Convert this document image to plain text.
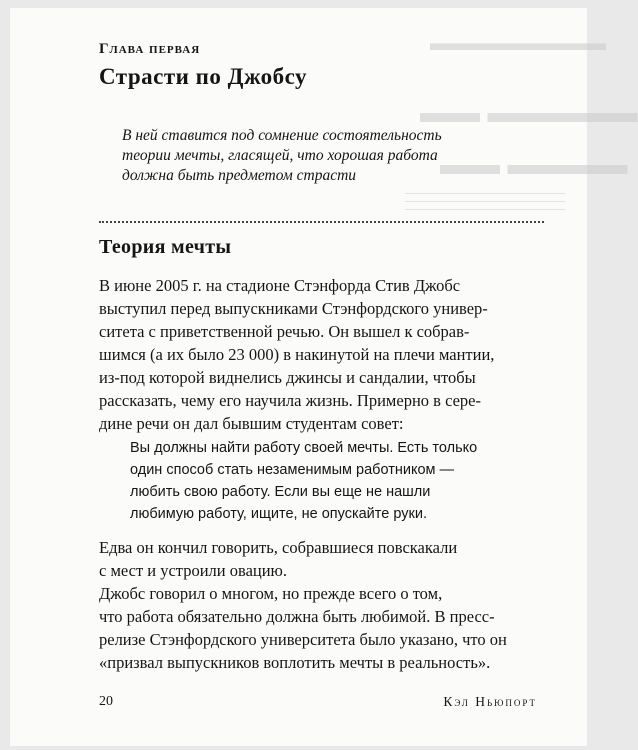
▬▬▬▬▬▬▬▬
▬▬ ▬▬▬▬▬
▬▬ ▬▬▬▬
Глава первая
Страсти по Джобсу
В ней ставится под сомнение состоятельность
теории мечты, гласящей, что хорошая работа
должна быть предметом страсти
Теория мечты
В июне 2005 г. на стадионе Стэнфорда Стив Джобс
выступил перед выпускниками Стэнфордского универ-
ситета с приветственной речью. Он вышел к собрав-
шимся (а их было 23 000) в накинутой на плечи мантии,
из-под которой виднелись джинсы и сандалии, чтобы
рассказать, чему его научила жизнь. Примерно в сере-
дине речи он дал бывшим студентам совет:
Вы должны найти работу своей мечты. Есть только
один способ стать незаменимым работником —
любить свою работу. Если вы еще не нашли
любимую работу, ищите, не опускайте руки.
Едва он кончил говорить, собравшиеся повскакали
с мест и устроили овацию.
Джобс говорил о многом, но прежде всего о том,
что работа обязательно должна быть любимой. В пресс-
релизе Стэнфордского университета было указано, что он
«призвал выпускников воплотить мечты в реальность».
20	Кэл Ньюпорт
